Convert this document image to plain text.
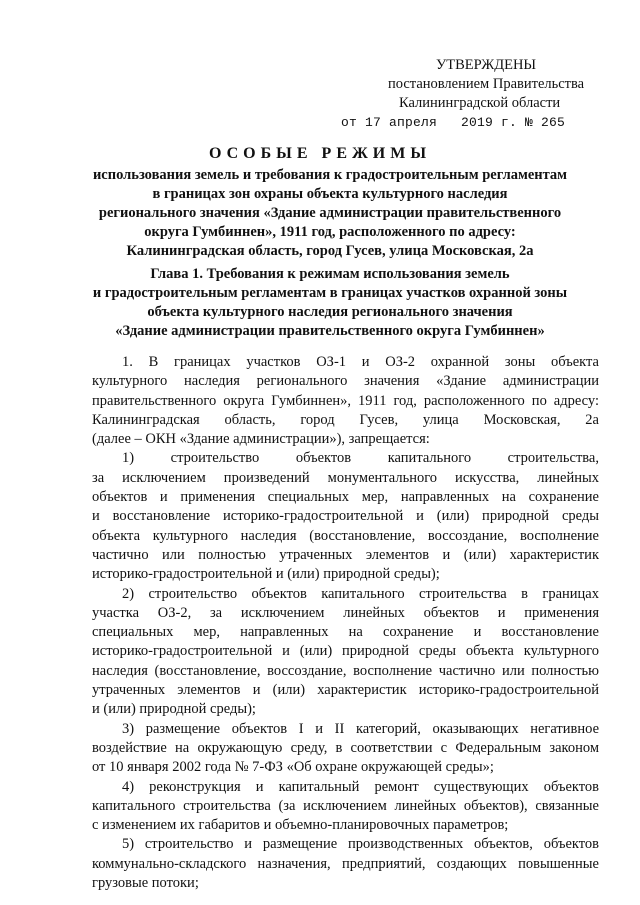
УТВЕРЖДЕНЫ
постановлением Правительства
Калининградской области
от 17 апреля 2019 г. № 265
ОСОБЫЕ РЕЖИМЫ
использования земель и требования к градостроительным регламентам
в границах зон охраны объекта культурного наследия
регионального значения «Здание администрации правительственного
округа Гумбиннен», 1911 год, расположенного по адресу:
Калининградская область, город Гусев, улица Московская, 2а
Глава 1. Требования к режимам использования земель
и градостроительным регламентам в границах участков охранной зоны
объекта культурного наследия регионального значения
«Здание администрации правительственного округа Гумбиннен»

1. В границах участков ОЗ-1 и ОЗ-2 охранной зоны объекта
культурного наследия регионального значения «Здание администрации
правительственного округа Гумбиннен», 1911 год, расположенного по адресу:
Калининградская область, город Гусев, улица Московская, 2а
(далее – ОКН «Здание администрации»), запрещается:

1) строительство объектов капитального строительства,
за исключением произведений монументального искусства, линейных
объектов и применения специальных мер, направленных на сохранение
и восстановление историко-градостроительной и (или) природной среды
объекта культурного наследия (восстановление, воссоздание, восполнение
частично или полностью утраченных элементов и (или) характеристик
историко-градостроительной и (или) природной среды);

2) строительство объектов капитального строительства в границах
участка ОЗ-2, за исключением линейных объектов и применения
специальных мер, направленных на сохранение и восстановление
историко-градостроительной и (или) природной среды объекта культурного
наследия (восстановление, воссоздание, восполнение частично или полностью
утраченных элементов и (или) характеристик историко-градостроительной
и (или) природной среды);

3) размещение объектов I и II категорий, оказывающих негативное
воздействие на окружающую среду, в соответствии с Федеральным законом
от 10 января 2002 года № 7-ФЗ «Об охране окружающей среды»;

4) реконструкция и капитальный ремонт существующих объектов
капитального строительства (за исключением линейных объектов), связанные
с изменением их габаритов и объемно-планировочных параметров;

5) строительство и размещение производственных объектов, объектов
коммунально-складского назначения, предприятий, создающих повышенные
грузовые потоки;
